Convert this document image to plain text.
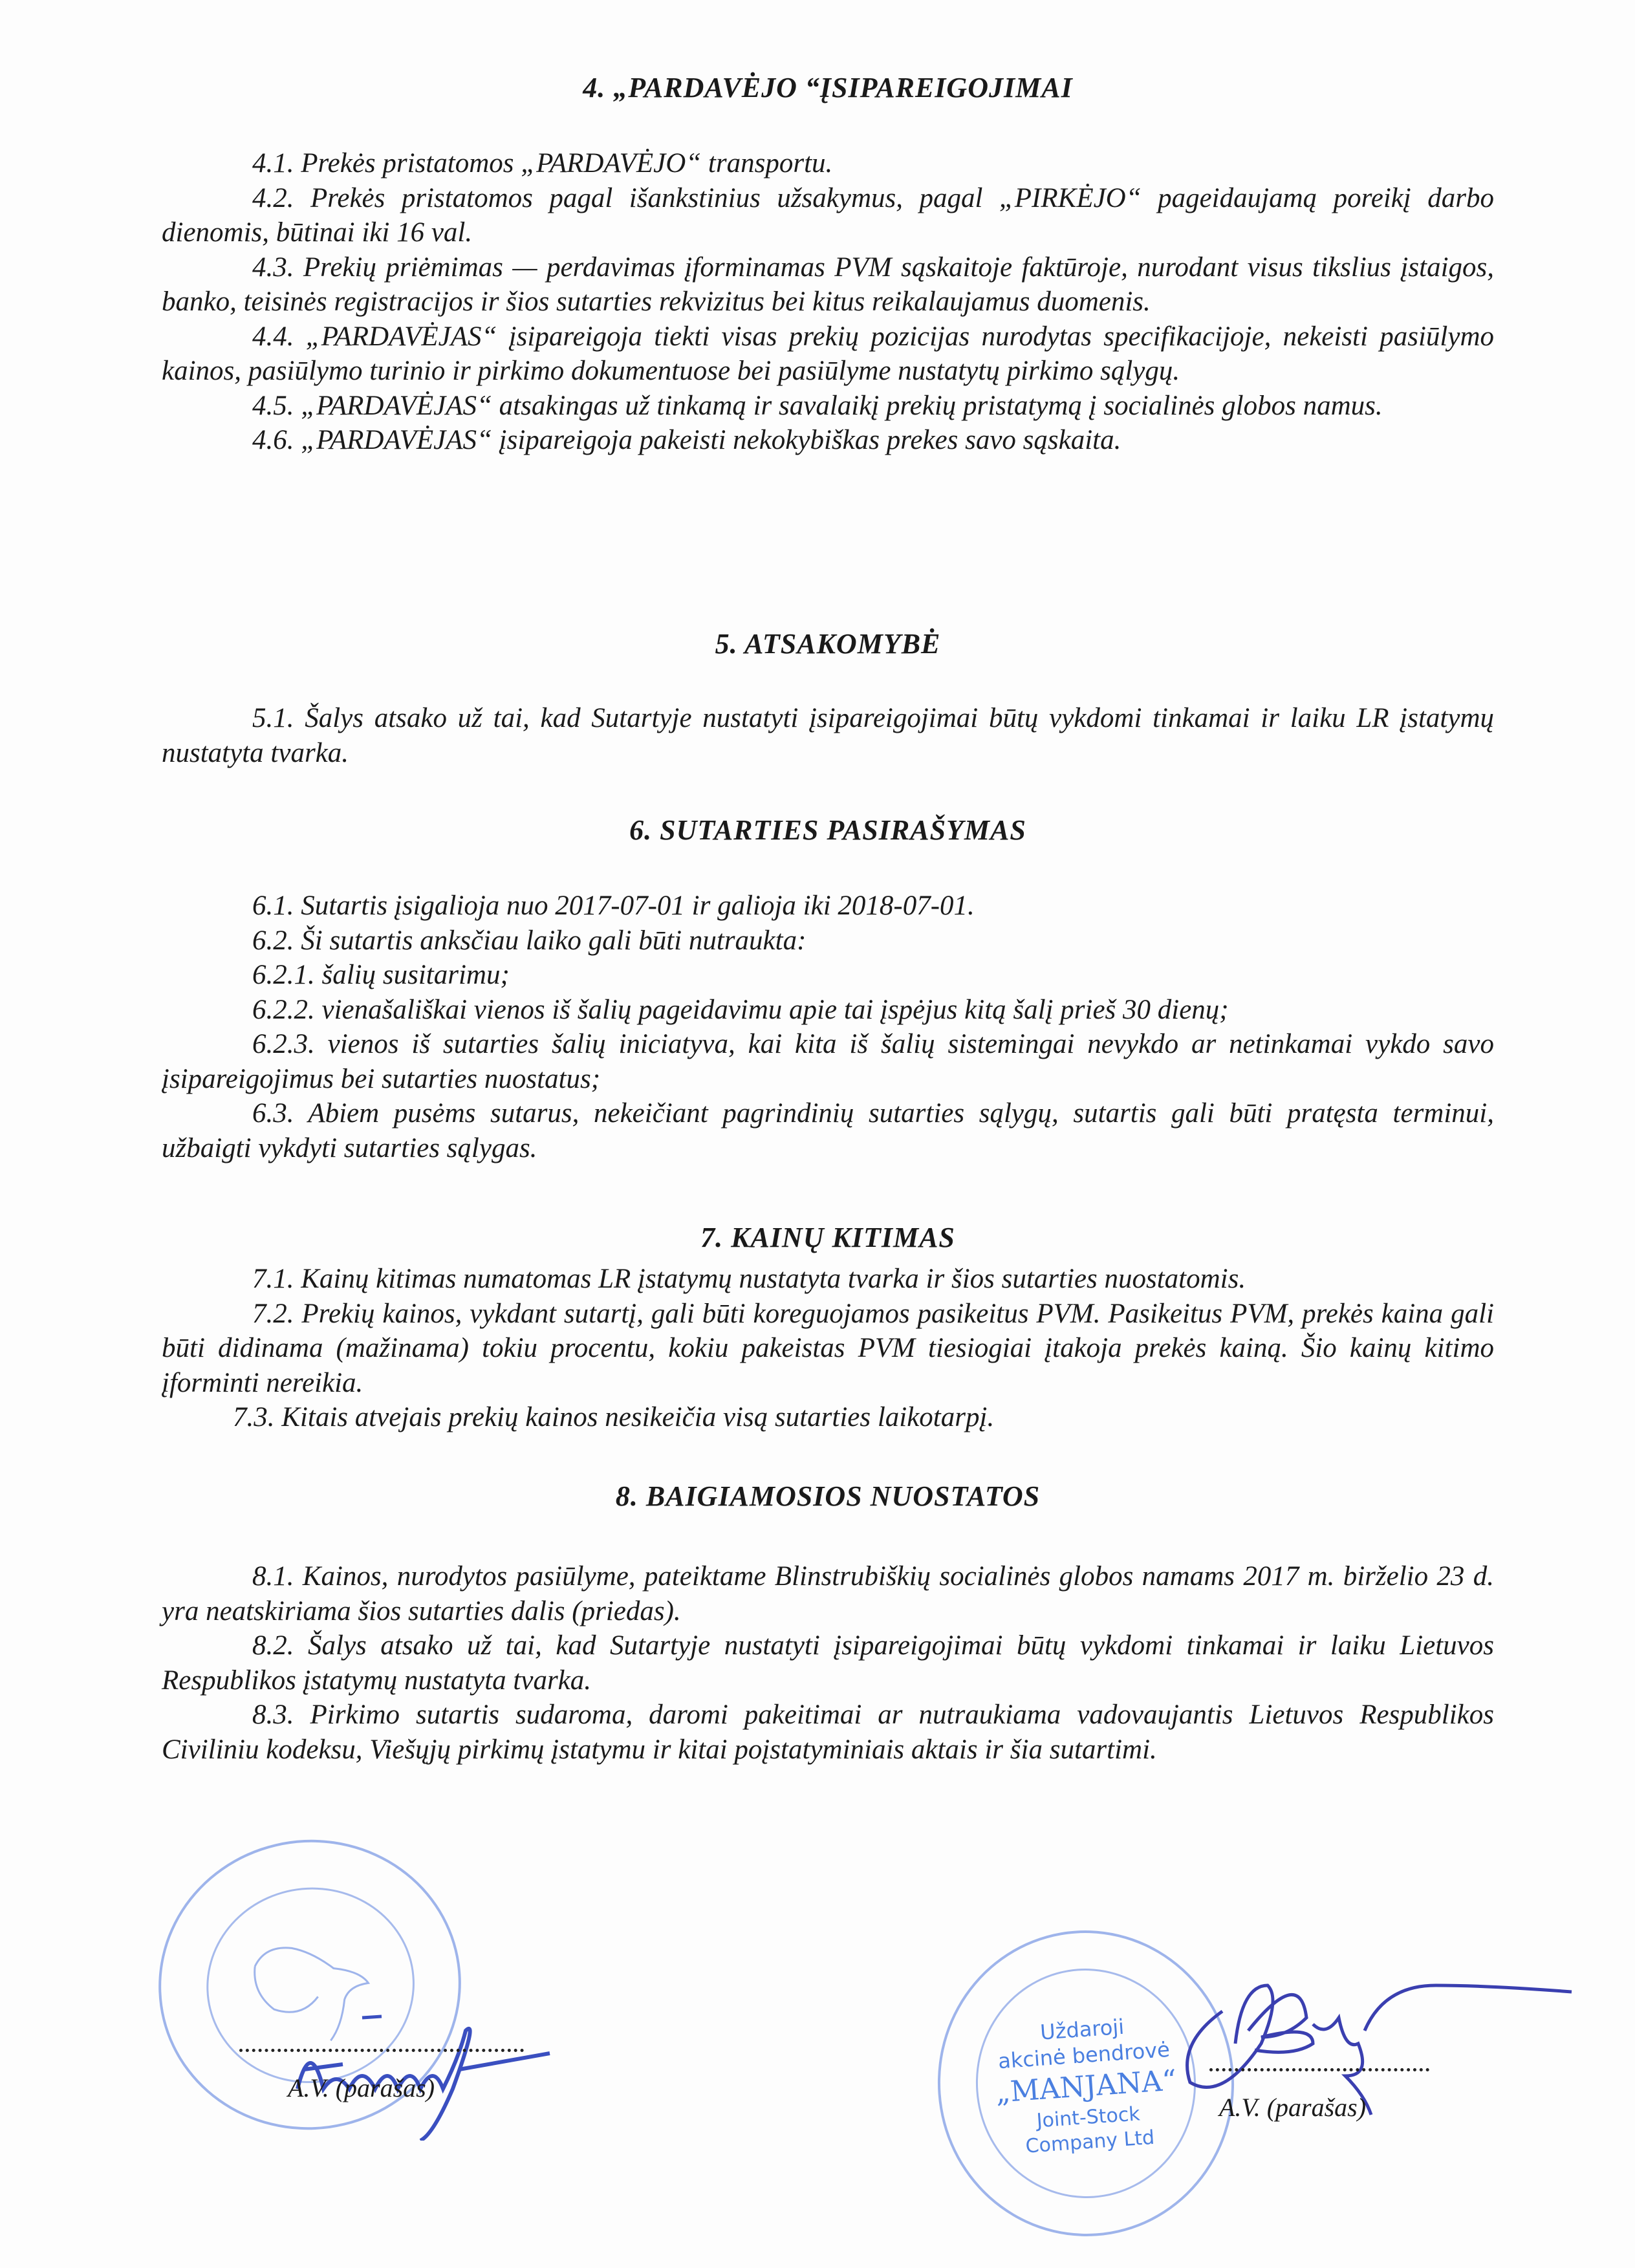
4. „PARDAVĖJO “ĮSIPAREIGOJIMAI

4.1. Prekės pristatomos „PARDAVĖJO“ transportu.

4.2. Prekės pristatomos pagal išankstinius užsakymus, pagal „PIRKĖJO“ pageidaujamą poreikį darbo dienomis, būtinai iki 16 val.

4.3. Prekių priėmimas — perdavimas įforminamas PVM sąskaitoje faktūroje, nurodant visus tikslius įstaigos, banko, teisinės registracijos ir šios sutarties rekvizitus bei kitus reikalaujamus duomenis.

4.4. „PARDAVĖJAS“ įsipareigoja tiekti visas prekių pozicijas nurodytas specifikacijoje, nekeisti pasiūlymo kainos, pasiūlymo turinio ir pirkimo dokumentuose bei pasiūlyme nustatytų pirkimo sąlygų.

4.5. „PARDAVĖJAS“ atsakingas už tinkamą ir savalaikį prekių pristatymą į socialinės globos namus.

4.6. „PARDAVĖJAS“ įsipareigoja pakeisti nekokybiškas prekes savo sąskaita.

5. ATSAKOMYBĖ

5.1. Šalys atsako už tai, kad Sutartyje nustatyti įsipareigojimai būtų vykdomi tinkamai ir laiku LR įstatymų nustatyta tvarka.

6. SUTARTIES PASIRAŠYMAS

6.1. Sutartis įsigalioja nuo 2017-07-01 ir galioja iki 2018-07-01.

6.2. Ši sutartis anksčiau laiko gali būti nutraukta:

6.2.1. šalių susitarimu;

6.2.2. vienašališkai vienos iš šalių pageidavimu apie tai įspėjus kitą šalį prieš 30 dienų;

6.2.3. vienos iš sutarties šalių iniciatyva, kai kita iš šalių sistemingai nevykdo ar netinkamai vykdo savo įsipareigojimus bei sutarties nuostatus;

6.3. Abiem pusėms sutarus, nekeičiant pagrindinių sutarties sąlygų, sutartis gali būti pratęsta terminui, užbaigti vykdyti sutarties sąlygas.

7. KAINŲ KITIMAS

7.1. Kainų kitimas numatomas LR įstatymų nustatyta tvarka ir šios sutarties nuostatomis.

7.2. Prekių kainos, vykdant sutartį, gali būti koreguojamos pasikeitus PVM. Pasikeitus PVM, prekės kaina gali būti didinama (mažinama) tokiu procentu, kokiu pakeistas PVM tiesiogiai įtakoja prekės kainą. Šio kainų kitimo įforminti nereikia.

7.3. Kitais atvejais prekių kainos nesikeičia visą sutarties laikotarpį.

8. BAIGIAMOSIOS NUOSTATOS

8.1. Kainos, nurodytos pasiūlyme, pateiktame Blinstrubiškių socialinės globos namams 2017 m. birželio 23 d. yra neatskiriama šios sutarties dalis (priedas).

8.2. Šalys atsako už tai, kad Sutartyje nustatyti įsipareigojimai būtų vykdomi tinkamai ir laiku Lietuvos Respublikos įstatymų nustatyta tvarka.

8.3. Pirkimo sutartis sudaroma, daromi pakeitimai ar nutraukiama vadovaujantis Lietuvos Respublikos Civiliniu kodeksu, Viešųjų pirkimų įstatymu ir kitai poįstatyminiais aktais ir šia sutartimi.

A.V. (parašas)
Uždaroji
akcinė bendrovė
„MANJANA“
Joint-Stock
Company Ltd
A.V. (parašas)
